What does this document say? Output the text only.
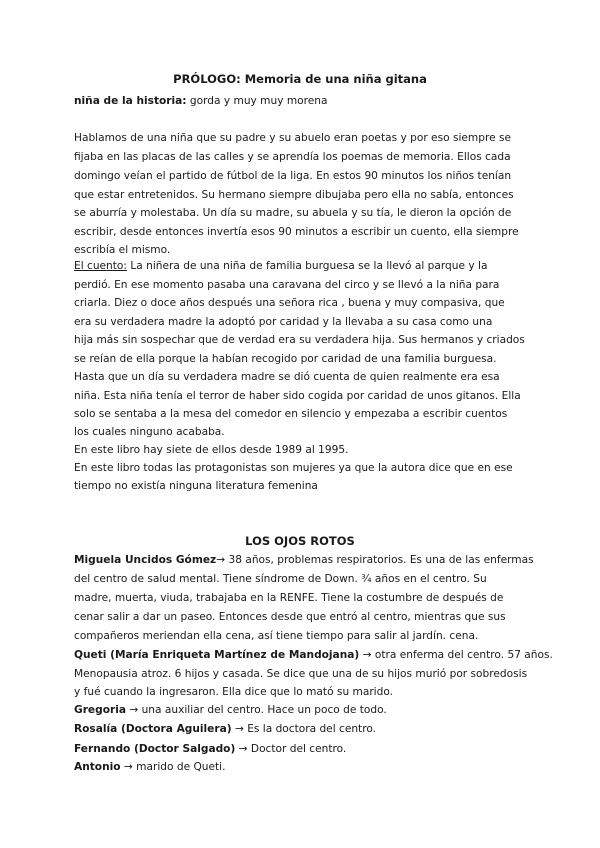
PRÓLOGO: Memoria de una niña gitana
niña de la historia: gorda y muy muy morena
Hablamos de una niña que su padre y su abuelo eran poetas y por eso siempre se
fijaba en las placas de las calles y se aprendía los poemas de memoria. Ellos cada
domingo veían el partido de fútbol de la liga. En estos 90 minutos los niños tenían
que estar entretenidos. Su hermano siempre dibujaba pero ella no sabía, entonces
se aburría y molestaba. Un día su madre, su abuela y su tía, le dieron la opción de
escribir, desde entonces invertía esos 90 minutos a escribir un cuento, ella siempre
escribía el mismo.
El cuento: La niñera de una niña de familia burguesa se la llevó al parque y la
perdió. En ese momento pasaba una caravana del circo y se llevó a la niña para
criarla. Diez o doce años después una señora rica , buena y muy compasiva, que
era su verdadera madre la adoptó por caridad y la llevaba a su casa como una
hija más sin sospechar que de verdad era su verdadera hija. Sus hermanos y criados
se reían de ella porque la habían recogido por caridad de una familia burguesa.
Hasta que un día su verdadera madre se dió cuenta de quien realmente era esa
niña. Esta niña tenía el terror de haber sido cogida por caridad de unos gitanos. Ella
solo se sentaba a la mesa del comedor en silencio y empezaba a escribir cuentos
los cuales ninguno acababa.
En este libro hay siete de ellos desde 1989 al 1995.
En este libro todas las protagonistas son mujeres ya que la autora dice que en ese
tiempo no existía ninguna literatura femenina
LOS OJOS ROTOS
Miguela Uncidos Gómez→ 38 años, problemas respiratorios. Es una de las enfermas
del centro de salud mental. Tiene síndrome de Down. ¾ años en el centro. Su
madre, muerta, viuda, trabajaba en la RENFE. Tiene la costumbre de después de
cenar salir a dar un paseo. Entonces desde que entró al centro, mientras que sus
compañeros meriendan ella cena, así tiene tiempo para salir al jardín. cena.
Queti (María Enriqueta Martínez de Mandojana) → otra enferma del centro. 57 años.
Menopausia atroz. 6 hijos y casada. Se dice que una de su hijos murió por sobredosis
y fué cuando la ingresaron. Ella dice que lo mató su marido.
Gregoria → una auxiliar del centro. Hace un poco de todo.
Rosalía (Doctora Aguilera) → Es la doctora del centro.
Fernando (Doctor Salgado) → Doctor del centro.
Antonio → marido de Queti.
